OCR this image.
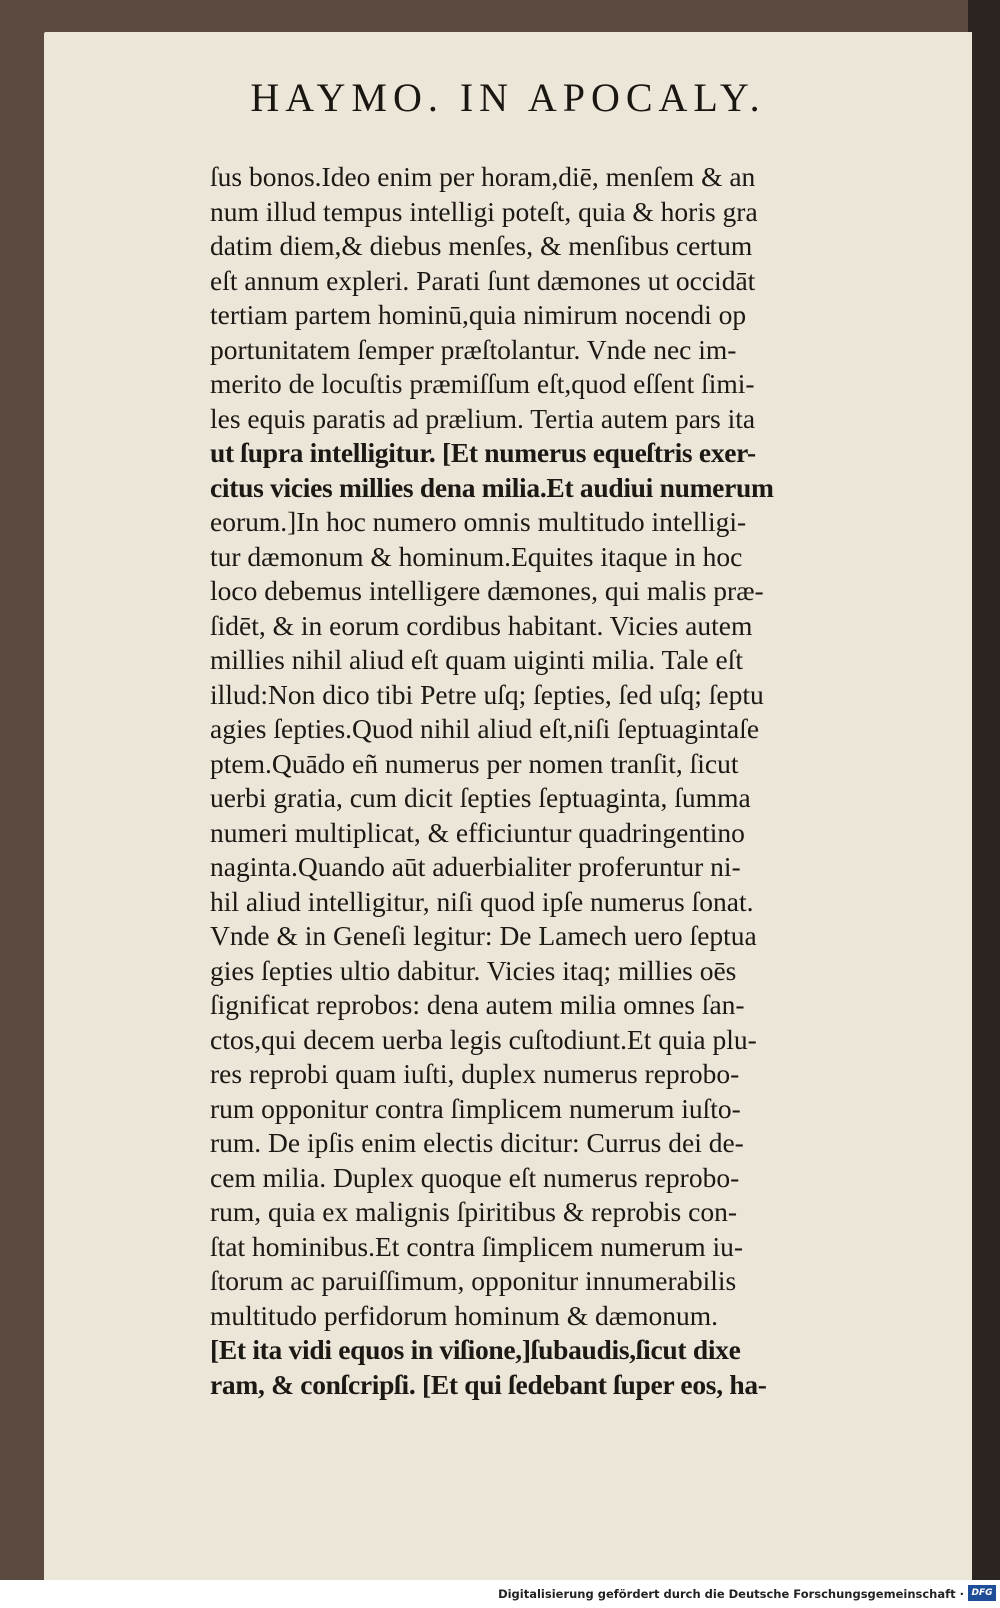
HAYMO. IN APOCALY.
ſus bonos.Ideo enim per horam,diē, menſem & an
num illud tempus intelligi poteſt, quia & horis gra
datim diem,& diebus menſes, & menſibus certum
eſt annum expleri. Parati ſunt dæmones ut occidāt
tertiam partem hominū,quia nimirum nocendi op
portunitatem ſemper præſtolantur. Vnde nec im-
merito de locuſtis præmiſſum eſt,quod eſſent ſimi-
les equis paratis ad prælium. Tertia autem pars ita
ut ſupra intelligitur. [Et numerus equeſtris exer-
citus vicies millies dena milia.Et audiui numerum
eorum.]In hoc numero omnis multitudo intelligi-
tur dæmonum & hominum.Equites itaque in hoc
loco debemus intelligere dæmones, qui malis præ-
ſidēt, & in eorum cordibus habitant. Vicies autem
millies nihil aliud eſt quam uiginti milia. Tale eſt
illud:Non dico tibi Petre uſq; ſepties, ſed uſq; ſeptu
agies ſepties.Quod nihil aliud eſt,niſi ſeptuagintaſe
ptem.Quādo eñ numerus per nomen tranſit, ſicut
uerbi gratia, cum dicit ſepties ſeptuaginta, ſumma
numeri multiplicat, & efficiuntur quadringentino
naginta.Quando aūt aduerbialiter proferuntur ni-
hil aliud intelligitur, niſi quod ipſe numerus ſonat.
Vnde & in Geneſi legitur: De Lamech uero ſeptua
gies ſepties ultio dabitur. Vicies itaq; millies oēs
ſignificat reprobos: dena autem milia omnes ſan-
ctos,qui decem uerba legis cuſtodiunt.Et quia plu-
res reprobi quam iuſti, duplex numerus reprobo-
rum opponitur contra ſimplicem numerum iuſto-
rum. De ipſis enim electis dicitur: Currus dei de-
cem milia. Duplex quoque eſt numerus reprobo-
rum, quia ex malignis ſpiritibus & reprobis con-
ſtat hominibus.Et contra ſimplicem numerum iu-
ſtorum ac paruiſſimum, opponitur innumerabilis
multitudo perfidorum hominum & dæmonum.
[Et ita vidi equos in viſione,]ſubaudis,ſicut dixe
ram, & conſcripſi. [Et qui ſedebant ſuper eos, ha-
Digitalisierung gefördert durch die Deutsche Forschungsgemeinschaft · DFG
